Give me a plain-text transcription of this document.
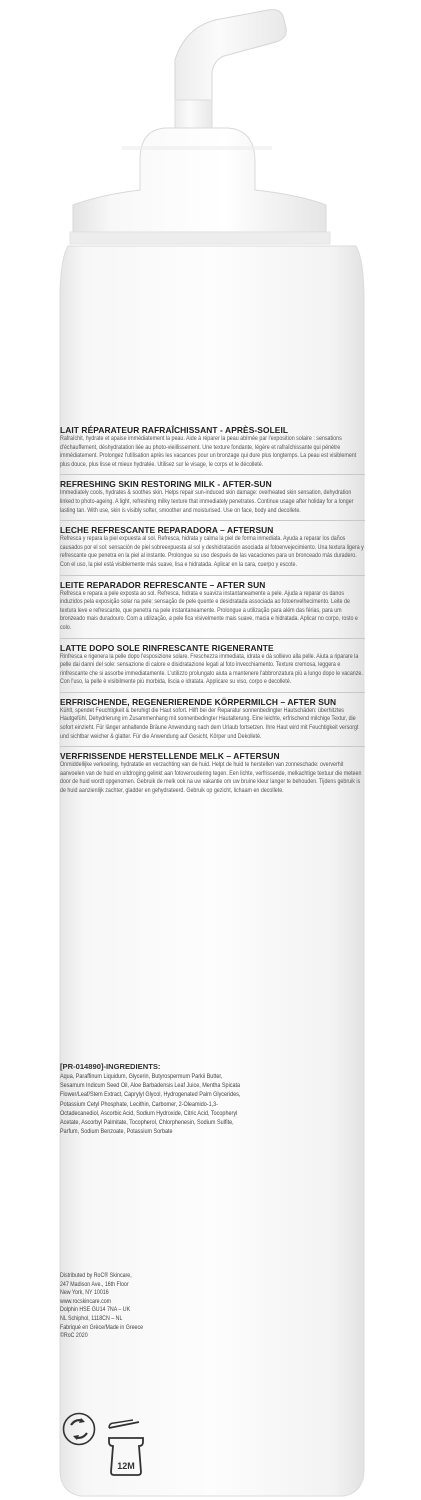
LAIT RÉPARATEUR RAFRAÎCHISSANT - APRÈS-SOLEIL
Rafraîchit, hydrate et apaise immédiatement la peau. Aide à réparer la peau abîmée par l'exposition solaire : sensations d'échauffement, déshydratation liée au photo-vieillissement. Une texture fondante, légère et rafraîchissante qui pénètre immédiatement. Prolongez l'utilisation après les vacances pour un bronzage qui dure plus longtemps. La peau est visiblement plus douce, plus lisse et mieux hydratée. Utilisez sur le visage, le corps et le décolleté.
REFRESHING SKIN RESTORING MILK - AFTER-SUN
Immediately cools, hydrates & soothes skin. Helps repair sun-induced skin damage: overheated skin sensation, dehydration linked to photo-ageing. A light, refreshing milky texture that immediately penetrates. Continue usage after holiday for a longer lasting tan. With use, skin is visibly softer, smoother and moisturised. Use on face, body and decollete.
LECHE REFRESCANTE REPARADORA – AFTERSUN
Refresca y repara la piel expuesta al sol. Refresca, hidrata y calma la piel de forma inmediata. Ayuda a reparar los daños causados por el sol: sensación de piel sobreexpuesta al sol y deshidratación asociada al fotoenvejecimiento. Una textura ligera y refrescante que penetra en la piel al instante. Prolongue su uso después de las vacaciones para un bronceado más duradero. Con el uso, la piel está visiblemente más suave, lisa e hidratada. Aplicar en la cara, cuerpo y escote.
LEITE REPARADOR REFRESCANTE – AFTER SUN
Refresca e repara a pele exposta ao sol. Refresca, hidrata e suaviza instantaneamente a pele. Ajuda a reparar os danos induzidos pela exposição solar na pele: sensação de pele quente e desidratada associada ao fotoenvelhecimento. Leite de textura leve e refrescante, que penetra na pele instantaneamente. Prolongue a utilização para além das férias, para um bronzeado mais duradouro. Com a utilização, a pele fica visivelmente mais suave, macia e hidratada. Aplicar no corpo, rosto e colo.
LATTE DOPO SOLE RINFRESCANTE RIGENERANTE
Rinfresca e rigenera la pelle dopo l'esposizione solare. Freschezza immediata, idrata e dà sollievo alla pelle. Aiuta a riparare la pelle dai danni del sole: sensazione di calore e disidratazione legati al foto invecchiamento. Texture cremosa, leggera e rinfrescante che si assorbe immediatamente. L'utilizzo prolungato aiuta a mantenere l'abbronzatura più a lungo dopo le vacanze. Con l'uso, la pelle è visibilmente più morbida, liscia e idratata. Applicare su viso, corpo e decolleté.
ERFRISCHENDE, REGENERIERENDE KÖRPERMILCH – AFTER SUN
Kühlt, spendet Feuchtigkeit & beruhigt die Haut sofort. Hilft bei der Reparatur sonnenbedingter Hautschäden: überhitztes Hautgefühl, Dehydrierung im Zusammenhang mit sonnenbedingter Hautalterung. Eine leichte, erfrischend milchige Textur, die sofort einzieht. Für länger anhaltende Bräune Anwendung nach dem Urlaub fortsetzen. Ihre Haut wird mit Feuchtigkeit versorgt und sichtbar weicher & glatter. Für die Anwendung auf Gesicht, Körper und Dekolleté.
VERFRISSENDE HERSTELLENDE MELK – AFTERSUN
Onmiddellijke verkoeling, hydratatie en verzachting van de huid. Helpt de huid te herstellen van zonneschade: oververhit aanvoelen van de huid en uitdroging gelinkt aan fotoveroudering tegen. Een lichte, verfrissende, melkachtige textuur die meteen door de huid wordt opgenomen. Gebruik de melk ook na uw vakantie om uw bruine kleur langer te behouden. Tijdens gebruik is de huid aanzienlijk zachter, gladder en gehydrateerd. Gebruik op gezicht, lichaam en decollete.
[PR-014890]-INGREDIENTS:
Aqua, Paraffinum Liquidum, Glycerin, Butyrospermum Parkii Butter, Sesamum Indicum Seed Oil, Aloe Barbadensis Leaf Juice, Mentha Spicata Flower/Leaf/Stem Extract, Caprylyl Glycol, Hydrogenated Palm Glycerides, Potassium Cetyl Phosphate, Lecithin, Carbomer, 2-Oleamido-1,3-Octadecanediol, Ascorbic Acid, Sodium Hydroxide, Citric Acid, Tocopheryl Acetate, Ascorbyl Palmitate, Tocopherol, Chlorphenesin, Sodium Sulfite, Parfum, Sodium Benzoate, Potassium Sorbate
Distributed by RoC® Skincare,
247 Madison Ave., 16th Floor
New York, NY 10016
www.rocskincare.com
Dolphin HSE GU14 7NA – UK
NL Schiphol, 1118CN – NL
Fabriqué en Grèce/Made in Greece
©RoC 2020
12M
